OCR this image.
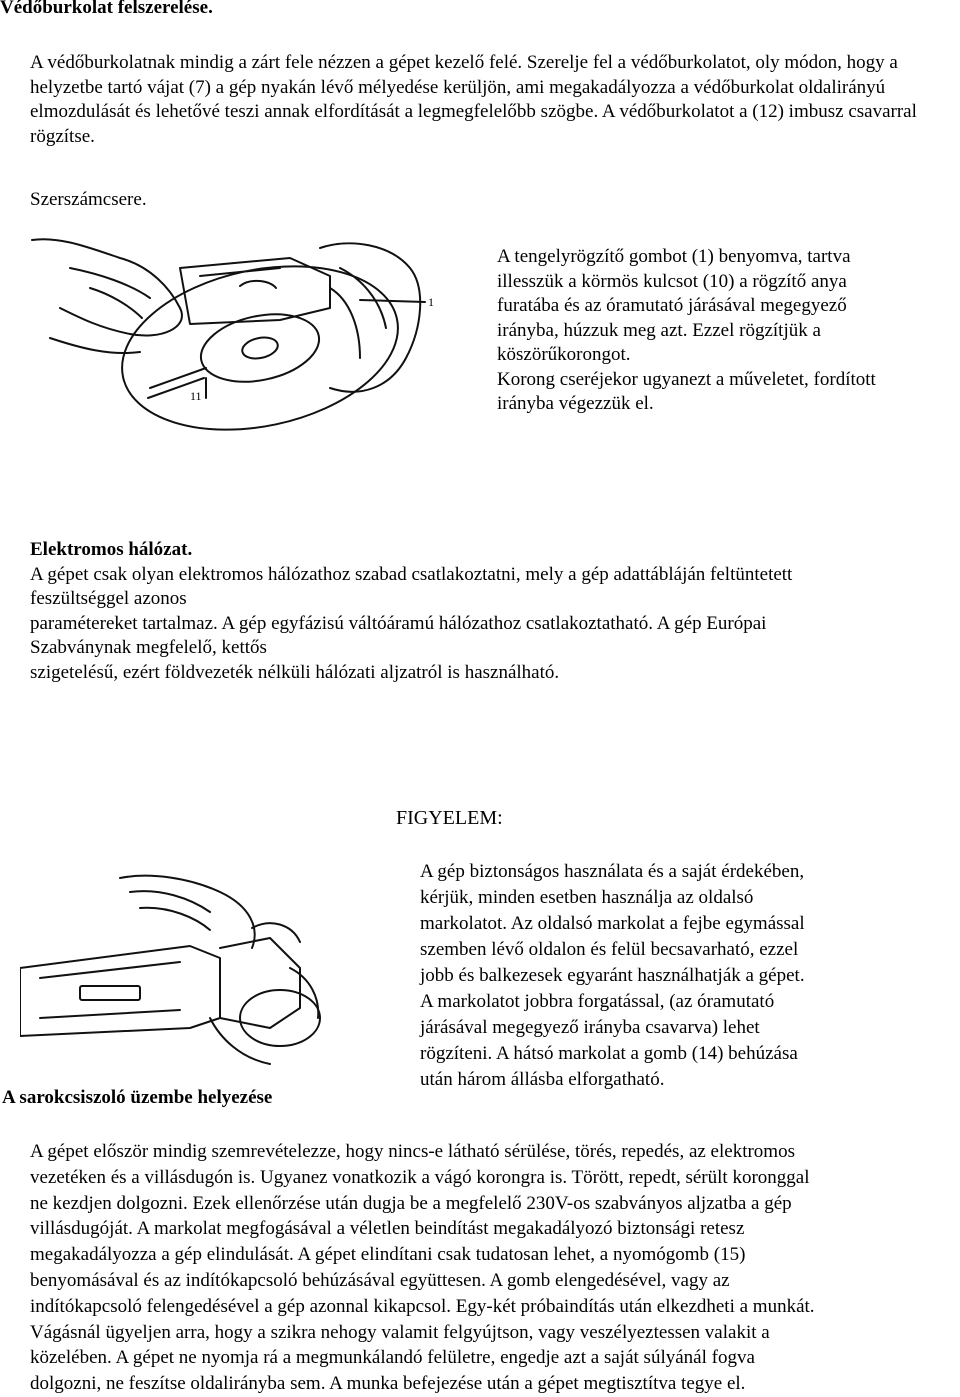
Védőburkolat felszerelése.

A védőburkolatnak mindig a zárt fele nézzen a gépet kezelő felé. Szerelje fel a védőburkolatot, oly módon, hogy a helyzetbe tartó vájat (7) a gép nyakán lévő mélyedése kerüljön, ami megakadályozza a védőburkolat oldalirányú elmozdulását és lehetővé teszi annak elfordítását a legmegfelelőbb szögbe. A védőburkolatot a (12) imbusz csavarral rögzítse.

Szerszámcsere.
1
11
A tengelyrögzítő gombot (1) benyomva, tartva
illesszük a körmös kulcsot (10) a rögzítő anya
furatába és az óramutató járásával megegyező
irányba, húzzuk meg azt. Ezzel rögzítjük a
köszörűkorongot.
Korong cseréjekor ugyanezt a műveletet, fordított
irányba végezzük el.
Elektromos hálózat.
A gépet csak olyan elektromos hálózathoz szabad csatlakoztatni, mely a gép adattábláján feltüntetett
feszültséggel azonos
paramétereket tartalmaz. A gép egyfázisú váltóáramú hálózathoz csatlakoztatható. A gép Európai
Szabványnak megfelelő, kettős
szigetelésű, ezért földvezeték nélküli hálózati aljzatról is használható.
FIGYELEM:
A sarokcsiszoló üzembe helyezése
A gép biztonságos használata és a saját érdekében,
kérjük, minden esetben használja az oldalsó
markolatot. Az oldalsó markolat a fejbe egymással
szemben lévő oldalon és felül becsavarható, ezzel
jobb és balkezesek egyaránt használhatják a gépet.
A markolatot jobbra forgatással, (az óramutató
járásával megegyező irányba csavarva) lehet
rögzíteni. A hátsó markolat a gomb (14) behúzása
után három állásba elforgatható.
A gépet először mindig szemrevételezze, hogy nincs-e látható sérülése, törés, repedés, az elektromos
vezetéken és a villásdugón is. Ugyanez vonatkozik a vágó korongra is. Törött, repedt, sérült koronggal
ne kezdjen dolgozni. Ezek ellenőrzése után dugja be a megfelelő 230V-os szabványos aljzatba a gép
villásdugóját. A markolat megfogásával a véletlen beindítást megakadályozó biztonsági retesz
megakadályozza a gép elindulását. A gépet elindítani csak tudatosan lehet, a nyomógomb (15)
benyomásával és az indítókapcsoló behúzásával együttesen. A gomb elengedésével, vagy az
indítókapcsoló felengedésével a gép azonnal kikapcsol. Egy-két próbaindítás után elkezdheti a munkát.
Vágásnál ügyeljen arra, hogy a szikra nehogy valamit felgyújtson, vagy veszélyeztessen valakit a
közelében. A gépet ne nyomja rá a megmunkálandó felületre, engedje azt a saját súlyánál fogva
dolgozni, ne feszítse oldalirányba sem. A munka befejezése után a gépet megtisztítva tegye el.
